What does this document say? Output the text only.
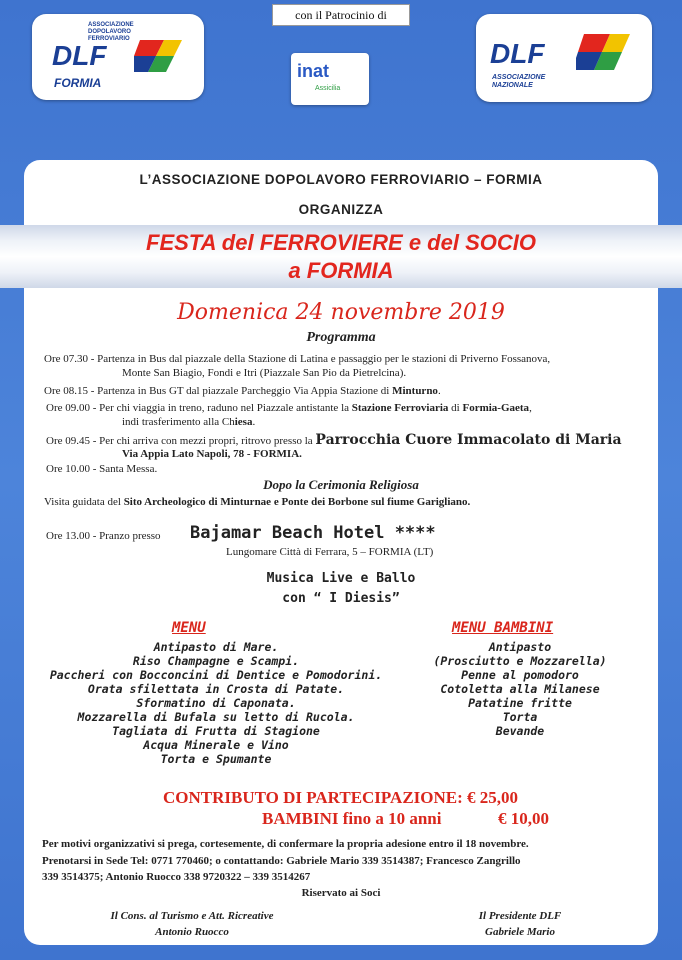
con il Patrocinio di
ASSOCIAZIONE DOPOLAVORO FERROVIARIO
DLF
FORMIA
inat
Assicilia
DLF
ASSOCIAZIONE NAZIONALE
L’ASSOCIAZIONE DOPOLAVORO FERROVIARIO – FORMIA
ORGANIZZA
FESTA del FERROVIERE e del SOCIO
a FORMIA
Domenica 24 novembre 2019
Programma
Ore 07.30 - Partenza in Bus dal piazzale della Stazione di Latina e passaggio per le stazioni di Priverno Fossanova,
Monte San Biagio, Fondi e Itri (Piazzale San Pio da Pietrelcina).
Ore 08.15 - Partenza in Bus GT dal piazzale Parcheggio Via Appia Stazione di Minturno.
Ore 09.00 - Per chi viaggia in treno, raduno nel Piazzale antistante la Stazione Ferroviaria di Formia-Gaeta,
indi trasferimento alla Chiesa.
Ore 09.45 - Per chi arriva con mezzi propri, ritrovo presso la Parrocchia Cuore Immacolato di Maria
Via Appia Lato Napoli, 78 - FORMIA.
Ore 10.00 - Santa Messa.
Dopo la Cerimonia Religiosa
Visita guidata del Sito Archeologico di Minturnae e Ponte dei Borbone sul fiume Garigliano.
Ore 13.00 - Pranzo presso Bajamar Beach Hotel ****
Lungomare Città di Ferrara, 5 – FORMIA (LT)
Musica Live e Ballo
con “ I Diesis”
MENU
Antipasto di Mare.
Riso Champagne e Scampi.
Paccheri con Bocconcini di Dentice e Pomodorini.
Orata sfilettata in Crosta di Patate.
Sformatino di Caponata.
Mozzarella di Bufala su letto di Rucola.
Tagliata di Frutta di Stagione
Acqua Minerale e Vino
Torta e Spumante
MENU BAMBINI
Antipasto
(Prosciutto e Mozzarella)
Penne al pomodoro
Cotoletta alla Milanese
Patatine fritte
Torta
Bevande
CONTRIBUTO DI PARTECIPAZIONE: € 25,00
BAMBINI fino a 10 anni	€ 10,00
Per motivi organizzativi si prega, cortesemente, di confermare la propria adesione entro il 18 novembre.
Prenotarsi in Sede Tel: 0771 770460; o contattando: Gabriele Mario 339 3514387; Francesco Zangrillo
339 3514375; Antonio Ruocco 338 9720322 – 339 3514267
Riservato ai Soci
Il Cons. al Turismo e Att. Ricreative
Antonio Ruocco
Il Presidente DLF
Gabriele Mario
